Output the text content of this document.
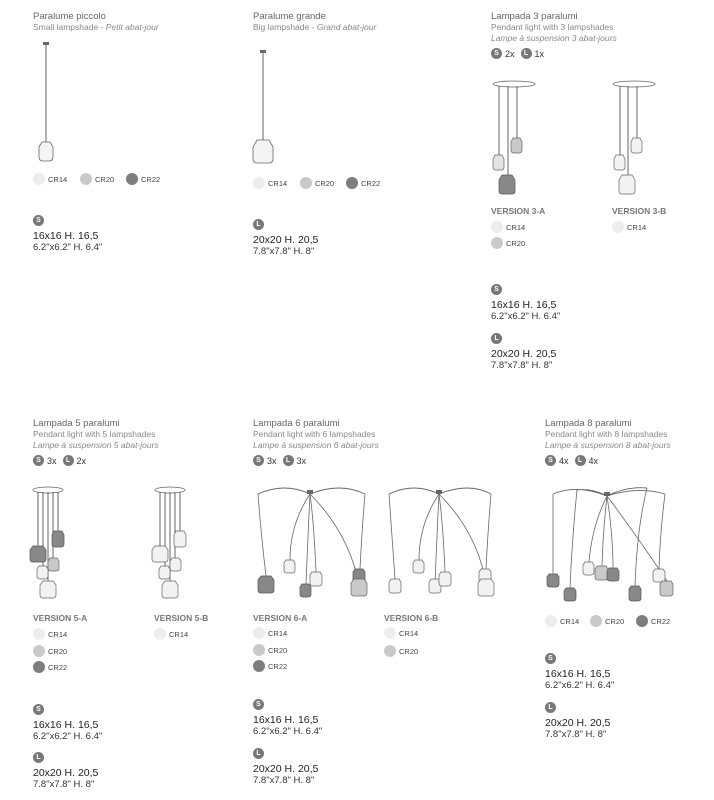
Paralume piccolo
Small lampshade - Petit abat-jour
CR14	CR20	CR22
S
16x16 H. 16,5
6.2"x6.2" H. 6.4"
Paralume grande
Big lampshade - Grand abat-jour
CR14	CR20	CR22
L
20x20 H. 20,5
7.8"x7.8" H. 8"
Lampada 3 paralumi
Pendant light with 3 lampshades
Lampe à suspension 3 abat-jours
S 2x	L 1x
VERSION 3-A
CR14
CR20
VERSION 3-B
CR14
S
16x16 H. 16,5
6.2"x6.2" H. 6.4"
L
20x20 H. 20,5
7.8"x7.8" H. 8"
Lampada 5 paralumi
Pendant light with 5 lampshades
Lampe à suspension 5 abat-jours
S 3x	L 2x
VERSION 5-A
CR14
CR20
CR22
VERSION 5-B
CR14
S
16x16 H. 16,5
6.2"x6.2" H. 6.4"
L
20x20 H. 20,5
7.8"x7.8" H. 8"
Lampada 6 paralumi
Pendant light with 6 lampshades
Lampe à suspension 6 abat-jours
S 3x	L 3x
VERSION 6-A
CR14
CR20
CR22
VERSION 6-B
CR14
CR20
S
16x16 H. 16,5
6.2"x6.2" H. 6.4"
L
20x20 H. 20,5
7.8"x7.8" H. 8"
Lampada 8 paralumi
Pendant light with 8 lampshades
Lampe à suspension 8 abat-jours
S 4x	L 4x
CR14	CR20	CR22
S
16x16 H. 16,5
6.2"x6.2" H. 6.4"
L
20x20 H. 20,5
7.8"x7.8" H. 8"
